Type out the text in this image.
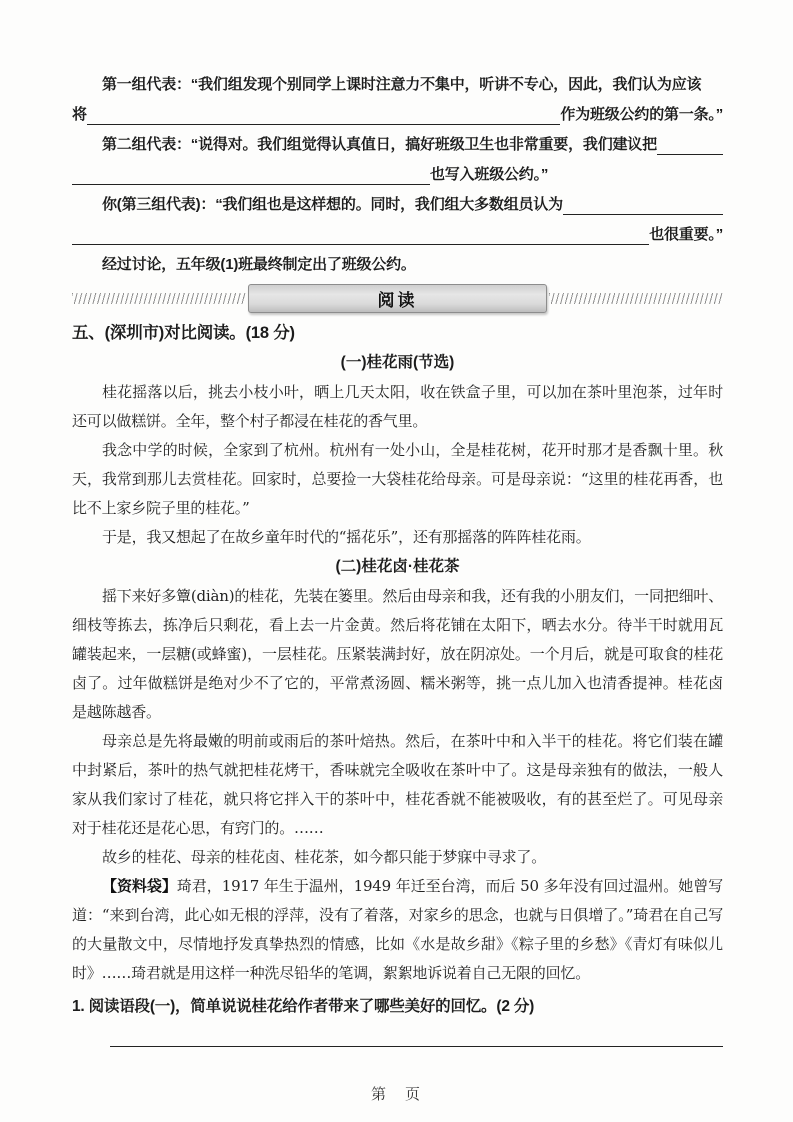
第一组代表：“我们组发现个别同学上课时注意力不集中，听讲不专心，因此，我们认为应该
将	作为班级公约的第一条。”
第二组代表：“说得对。我们组觉得认真值日，搞好班级卫生也非常重要，我们建议把
也写入班级公约。”
你(第三组代表)：“我们组也是这样想的。同时，我们组大多数组员认为
也很重要。”
经过讨论，五年级(1)班最终制定出了班级公约。
阅读
五、(深圳市)对比阅读。(18 分)
(一)桂花雨(节选)
桂花摇落以后，挑去小枝小叶，晒上几天太阳，收在铁盒子里，可以加在茶叶里泡茶，过年时还可以做糕饼。全年，整个村子都浸在桂花的香气里。
我念中学的时候，全家到了杭州。杭州有一处小山，全是桂花树，花开时那才是香飘十里。秋天，我常到那儿去赏桂花。回家时，总要捡一大袋桂花给母亲。可是母亲说：“这里的桂花再香，也比不上家乡院子里的桂花。”
于是，我又想起了在故乡童年时代的“摇花乐”，还有那摇落的阵阵桂花雨。
(二)桂花卤·桂花茶
摇下来好多簟(diàn)的桂花，先装在篓里。然后由母亲和我，还有我的小朋友们，一同把细叶、细枝等拣去，拣净后只剩花，看上去一片金黄。然后将花铺在太阳下，晒去水分。待半干时就用瓦罐装起来，一层糖(或蜂蜜)，一层桂花。压紧装满封好，放在阴凉处。一个月后，就是可取食的桂花卤了。过年做糕饼是绝对少不了它的，平常煮汤圆、糯米粥等，挑一点儿加入也清香提神。桂花卤是越陈越香。
母亲总是先将最嫩的明前或雨后的茶叶焙热。然后，在茶叶中和入半干的桂花。将它们装在罐中封紧后，茶叶的热气就把桂花烤干，香味就完全吸收在茶叶中了。这是母亲独有的做法，一般人家从我们家讨了桂花，就只将它拌入干的茶叶中，桂花香就不能被吸收，有的甚至烂了。可见母亲对于桂花还是花心思，有窍门的。……
故乡的桂花、母亲的桂花卤、桂花茶，如今都只能于梦寐中寻求了。
【资料袋】琦君，1917 年生于温州，1949 年迁至台湾，而后 50 多年没有回过温州。她曾写道：“来到台湾，此心如无根的浮萍，没有了着落，对家乡的思念，也就与日俱增了。”琦君在自己写的大量散文中，尽情地抒发真挚热烈的情感，比如《水是故乡甜》《粽子里的乡愁》《青灯有味似儿时》……琦君就是用这样一种洗尽铅华的笔调，絮絮地诉说着自己无限的回忆。
1. 阅读语段(一)，简单说说桂花给作者带来了哪些美好的回忆。(2 分)
第　页
